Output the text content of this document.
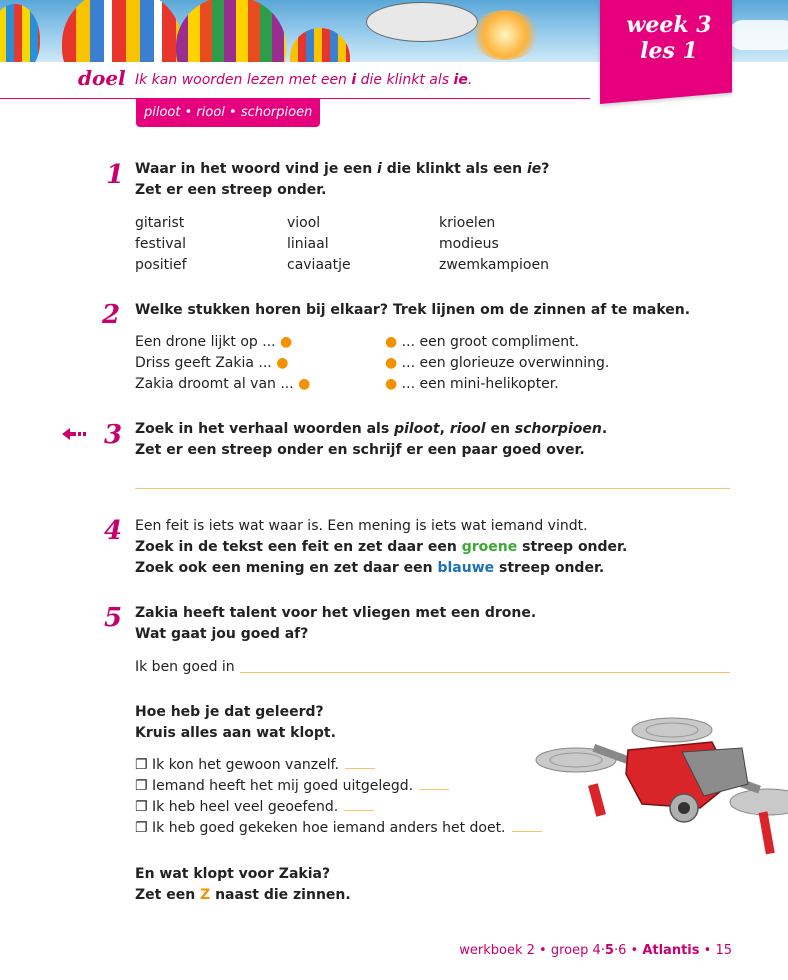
week 3
les 1
doel Ik kan woorden lezen met een i die klinkt als ie.
piloot • riool • schorpioen
1 Waar in het woord vind je een i die klinkt als een ie?
Zet er een streep onder.
gitarist
festival
positief
viool
liniaal
caviaatje
krioelen
modieus
zwemkampioen
2 Welke stukken horen bij elkaar? Trek lijnen om de zinnen af te maken.
Een drone lijkt op ... ●
Driss geeft Zakia ... ●
Zakia droomt al van ... ●
● ... een groot compliment.
● ... een glorieuze overwinning.
● ... een mini-helikopter.
3 Zoek in het verhaal woorden als piloot, riool en schorpioen.
Zet er een streep onder en schrijf er een paar goed over.
4 Een feit is iets wat waar is. Een mening is iets wat iemand vindt.
Zoek in de tekst een feit en zet daar een groene streep onder.
Zoek ook een mening en zet daar een blauwe streep onder.
5 Zakia heeft talent voor het vliegen met een drone.
Wat gaat jou goed af?
Ik ben goed in
Hoe heb je dat geleerd?
Kruis alles aan wat klopt.
❐ Ik kon het gewoon vanzelf.
❐ Iemand heeft het mij goed uitgelegd.
❐ Ik heb heel veel geoefend.
❐ Ik heb goed gekeken hoe iemand anders het doet.
En wat klopt voor Zakia?
Zet een Z naast die zinnen.
werkboek 2 • groep 4·5·6 • Atlantis • 15
